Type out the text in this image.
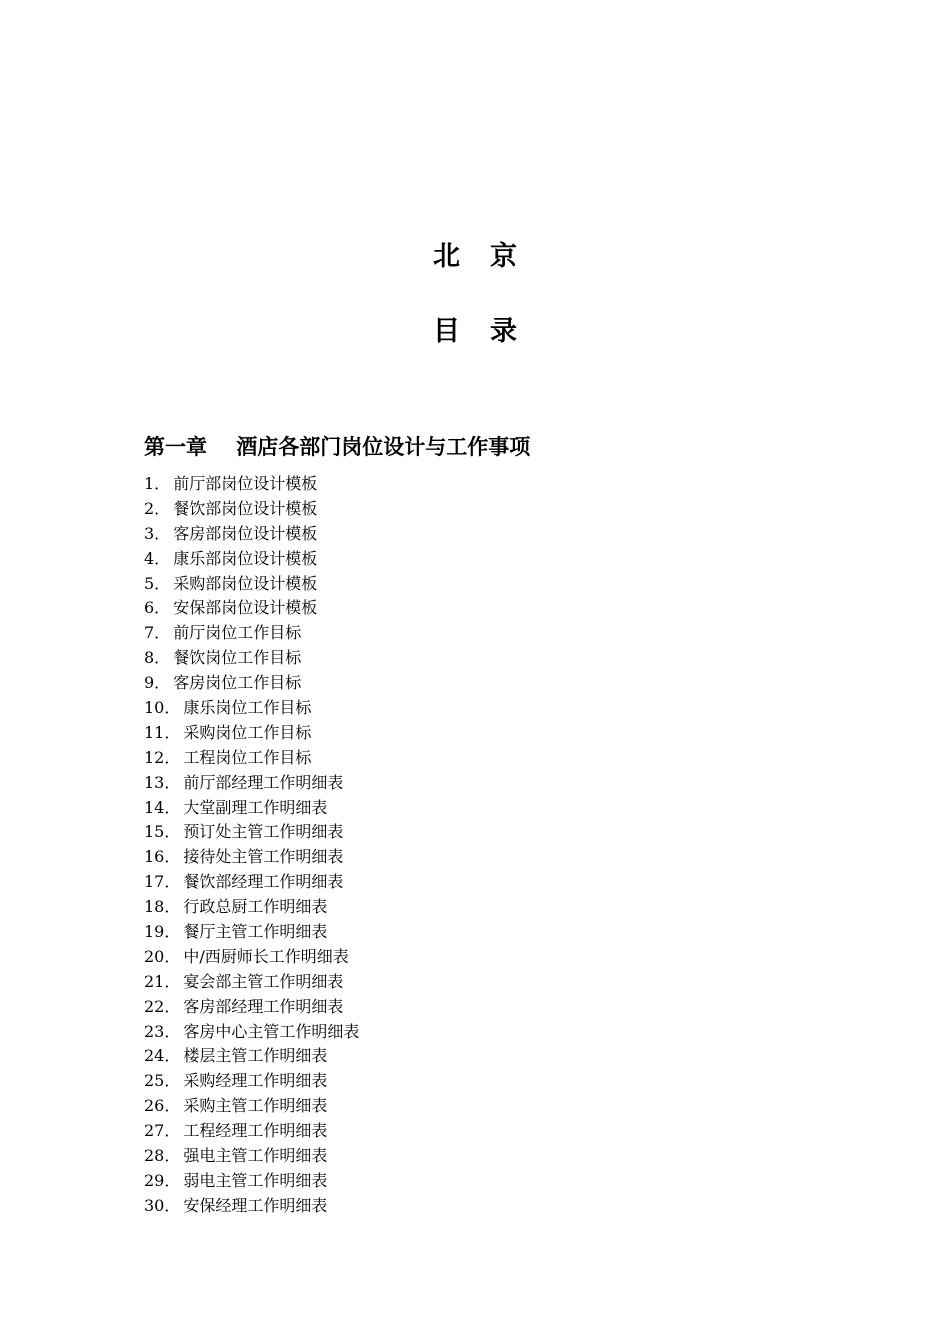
北京
目录
第一章    酒店各部门岗位设计与工作事项
1． 前厅部岗位设计模板
2． 餐饮部岗位设计模板
3． 客房部岗位设计模板
4． 康乐部岗位设计模板
5． 采购部岗位设计模板
6． 安保部岗位设计模板
7． 前厅岗位工作目标
8． 餐饮岗位工作目标
9． 客房岗位工作目标
10． 康乐岗位工作目标
11． 采购岗位工作目标
12． 工程岗位工作目标
13． 前厅部经理工作明细表
14． 大堂副理工作明细表
15． 预订处主管工作明细表
16． 接待处主管工作明细表
17． 餐饮部经理工作明细表
18． 行政总厨工作明细表
19． 餐厅主管工作明细表
20． 中/西厨师长工作明细表
21． 宴会部主管工作明细表
22． 客房部经理工作明细表
23． 客房中心主管工作明细表
24． 楼层主管工作明细表
25． 采购经理工作明细表
26． 采购主管工作明细表
27． 工程经理工作明细表
28． 强电主管工作明细表
29． 弱电主管工作明细表
30． 安保经理工作明细表
